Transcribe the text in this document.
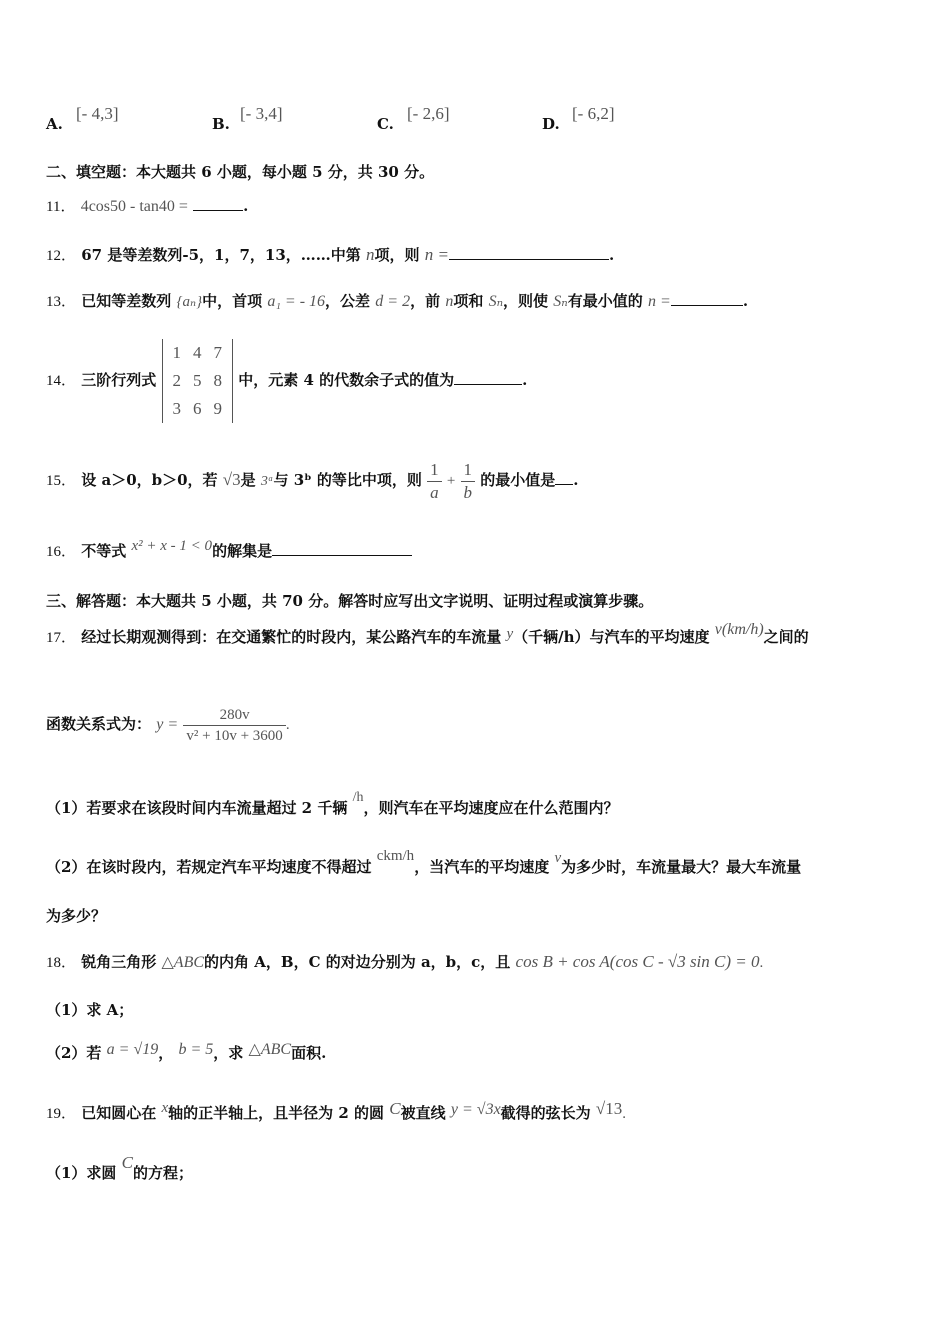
A.
[- 4,3]
B.
[- 3,4]
C.
[- 2,6]
D.
[- 6,2]
二、填空题：本大题共 6 小题，每小题 5 分，共 30 分。
11． 4cos50 - tan40 =	.
12． 67 是等差数列-5，1，7，13，……中第 n项，则 n =	.
13． 已知等差数列 {aₙ}中，首项 a₁ = - 16，公差 d = 2，前 n项和 Sₙ，则使 Sₙ有最小值的 n =	.
14． 三阶行列式
1	4	7
2	5	8
3	6	9
中，元素 4 的代数余子式的值为	.
15． 设 a＞0，b＞0，若 √3是 3ᵃ与 3ᵇ 的等比中项，则 $\frac{1}{a} + \frac{1}{b}$ 的最小值是 .
16． 不等式 x² + x - 1 < 0的解集是
三、解答题：本大题共 5 小题，共 70 分。解答时应写出文字说明、证明过程或演算步骤。
17． 经过长期观测得到：在交通繁忙的时段内，某公路汽车的车流量 y（千辆/h）与汽车的平均速度 v(km/h)之间的
函数关系式为： $y = \frac{280v}{\text{v² + 10v + 3600}}$ .
（1）若要求在该段时间内车流量超过 2 千辆 /h，则汽车在平均速度应在什么范围内？
（2）在该时段内，若规定汽车平均速度不得超过 ckm/h，当汽车的平均速度 v为多少时，车流量最大？最大车流量
为多少？
18． 锐角三角形 △ABC的内角 A，B，C 的对边分别为 a，b，c，且 cos B + cos A(cos C - √3 sin C) = 0.
（1）求 A；
（2）若 a = √19， b = 5，求 △ABC面积.
19． 已知圆心在 x轴的正半轴上，且半径为 2 的圆 C被直线 y = √3x截得的弦长为 √13.
（1）求圆 C的方程；
